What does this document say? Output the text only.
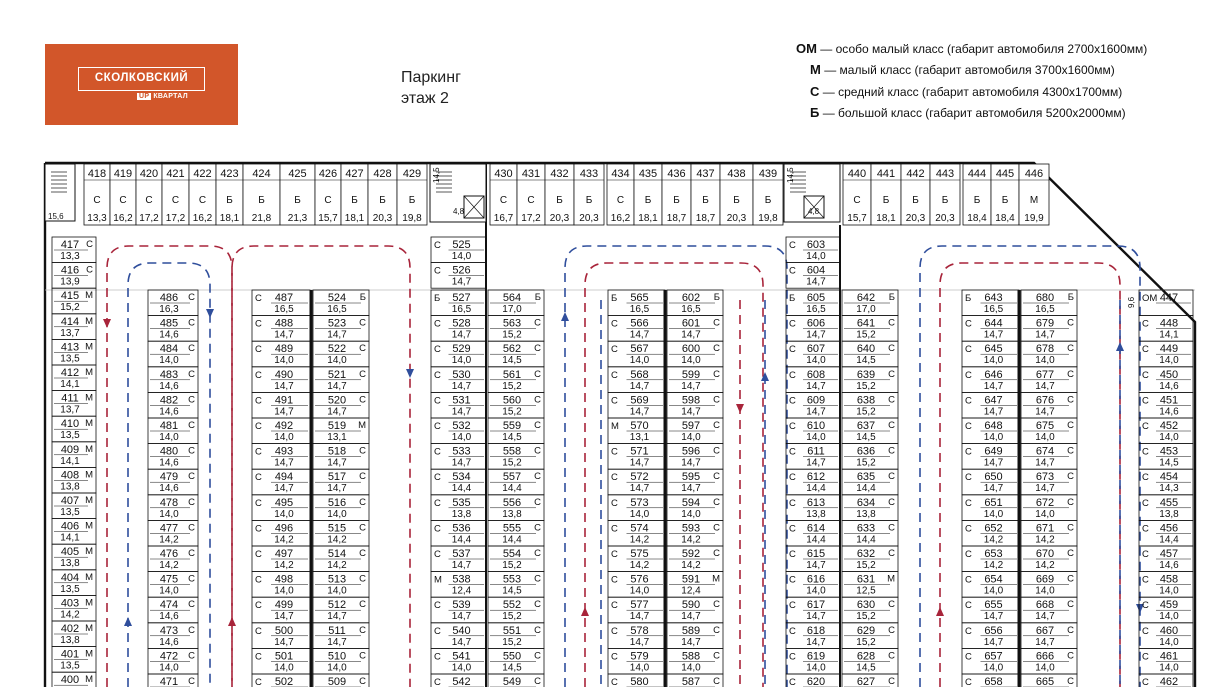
СКОЛКОВСКИЙ
UP КВАРТАЛ
Паркинг
этаж 2
ОМ — особо малый класс (габарит автомобиля 2700х1600мм)
М — малый класс (габарит автомобиля 3700х1600мм)
С — средний класс (габарит автомобиля 4300х1700мм)
Б — большой класс (габарит автомобиля 5200х2000мм)
418
С
13,3
419
С
16,2
420
С
17,2
421
С
17,2
422
С
16,2
423
Б
18,1
424
Б
21,8
425
Б
21,3
426
С
15,7
427
Б
18,1
428
Б
20,3
429
Б
19,8
430
С
16,7
431
С
17,2
432
Б
20,3
433
Б
20,3
434
С
16,2
435
Б
18,1
436
Б
18,7
437
Б
18,7
438
Б
20,3
439
Б
19,8
440
С
15,7
441
Б
18,1
442
Б
20,3
443
Б
20,3
444
Б
18,4
445
Б
18,4
446
М
19,9
417 С
13,3
416 С
13,9
415 М
15,2
414 М
13,7
413 М
13,5
412 М
14,1
411 М
13,7
410 М
13,5
409 М
14,1
408 М
13,8
407 М
13,5
406 М
14,1
405 М
13,8
404 М
13,5
403 М
14,2
402 М
13,8
401 М
13,5
400 М
486 С
16,3
485 С
14,6
484 С
14,0
483 С
14,6
482 С
14,6
481 С
14,0
480 С
14,6
479 С
14,6
478 С
14,0
477 С
14,2
476 С
14,2
475 С
14,0
474 С
14,6
473 С
14,6
472 С
14,0
471 С
С 487
16,5
С 488
14,7
С 489
14,0
С 490
14,7
С 491
14,7
С 492
14,0
С 493
14,7
С 494
14,7
С 495
14,0
С 496
14,2
С 497
14,2
С 498
14,0
С 499
14,7
С 500
14,7
С 501
14,0
С 502
524 Б
16,5
523 С
14,7
522 С
14,0
521 С
14,7
520 С
14,7
519 М
13,1
518 С
14,7
517 С
14,7
516 С
14,0
515 С
14,2
514 С
14,2
513 С
14,0
512 С
14,7
511 С
14,7
510 С
14,0
509 С
С 525
14,0
С 526
14,7
Б 527
16,5
С 528
14,7
С 529
14,0
С 530
14,7
С 531
14,7
С 532
14,0
С 533
14,7
С 534
14,4
С 535
13,8
С 536
14,4
С 537
14,7
М 538
12,4
С 539
14,7
С 540
14,7
С 541
14,0
С 542
564 Б
17,0
563 С
15,2
562 С
14,5
561 С
15,2
560 С
15,2
559 С
14,5
558 С
15,2
557 С
14,4
556 С
13,8
555 С
14,4
554 С
15,2
553 С
14,5
552 С
15,2
551 С
15,2
550 С
14,5
549 С
Б 565
16,5
С 566
14,7
С 567
14,0
С 568
14,7
С 569
14,7
М 570
13,1
С 571
14,7
С 572
14,7
С 573
14,0
С 574
14,2
С 575
14,2
С 576
14,0
С 577
14,7
С 578
14,7
С 579
14,0
С 580
602 Б
16,5
601 С
14,7
600 С
14,0
599 С
14,7
598 С
14,7
597 С
14,0
596 С
14,7
595 С
14,7
594 С
14,0
593 С
14,2
592 С
14,2
591 М
12,4
590 С
14,7
589 С
14,7
588 С
14,0
587 С
С 603
14,0
С 604
14,7
Б 605
16,5
С 606
14,7
С 607
14,0
С 608
14,7
С 609
14,7
С 610
14,0
С 611
14,7
С 612
14,4
С 613
13,8
С 614
14,4
С 615
14,7
С 616
14,0
С 617
14,7
С 618
14,7
С 619
14,0
С 620
642 Б
17,0
641 С
15,2
640 С
14,5
639 С
15,2
638 С
15,2
637 С
14,5
636 С
15,2
635 С
14,4
634 С
13,8
633 С
14,4
632 С
15,2
631 М
12,5
630 С
15,2
629 С
15,2
628 С
14,5
627 С
Б 643
16,5
С 644
14,7
С 645
14,0
С 646
14,7
С 647
14,7
С 648
14,0
С 649
14,7
С 650
14,7
С 651
14,0
С 652
14,2
С 653
14,2
С 654
14,0
С 655
14,7
С 656
14,7
С 657
14,0
С 658
680 Б
16,5
679 С
14,7
678 С
14,0
677 С
14,7
676 С
14,7
675 С
14,0
674 С
14,7
673 С
14,7
672 С
14,0
671 С
14,2
670 С
14,2
669 С
14,0
668 С
14,7
667 С
14,7
666 С
14,0
665 С
ОМ 447
С 448
14,1
С 449
14,0
С 450
14,6
С 451
14,6
С 452
14,0
С 453
14,5
С 454
14,3
С 455
13,8
С 456
14,4
С 457
14,6
С 458
14,0
С 459
14,0
С 460
14,0
С 461
14,0
С 462
15,6
14,5	14,5
4,8	4,8
9,6
